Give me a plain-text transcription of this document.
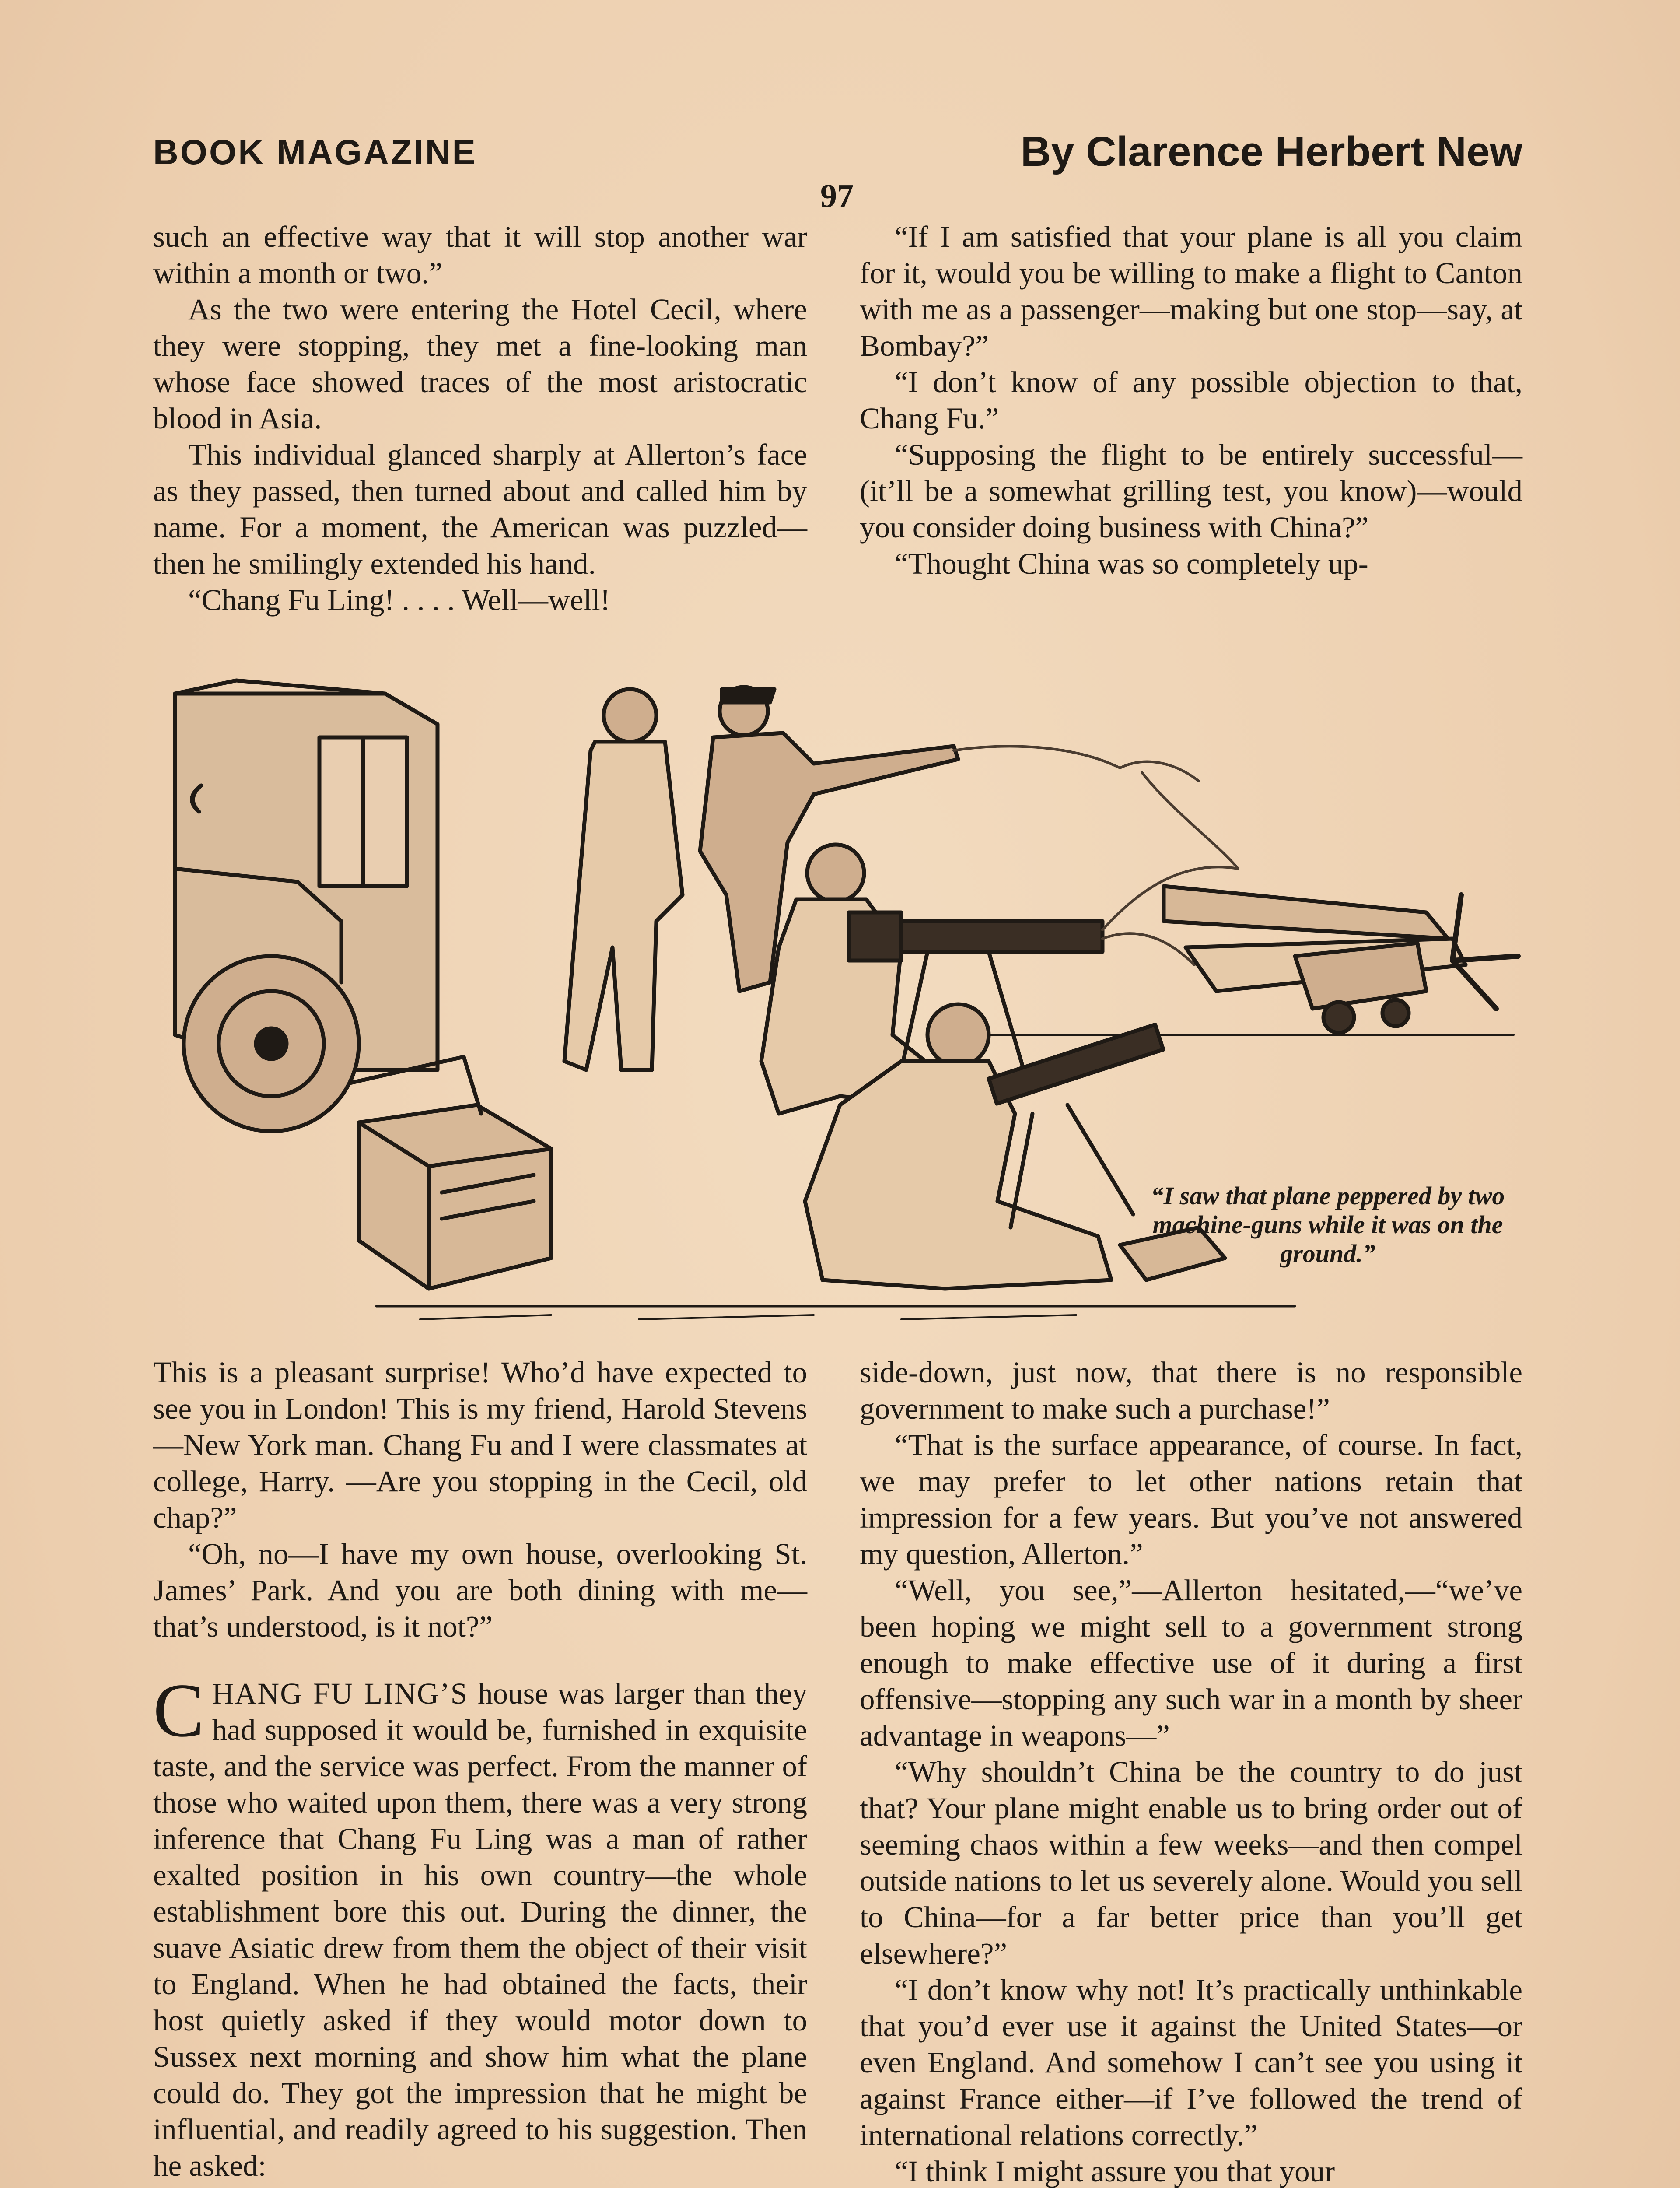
BOOK MAGAZINE	By Clarence Herbert New
97

such an effective way that it will stop another war within a month or two.”

As the two were entering the Hotel Cecil, where they were stopping, they met a fine-looking man whose face showed traces of the most aristocratic blood in Asia.

This individual glanced sharply at Allerton’s face as they passed, then turned about and called him by name. For a moment, the American was puzzled—then he smilingly extended his hand.

“Chang Fu Ling! . . . . Well—well!

“If I am satisfied that your plane is all you claim for it, would you be willing to make a flight to Canton with me as a passenger—making but one stop—say, at Bombay?”

“I don’t know of any possible objection to that, Chang Fu.”

“Supposing the flight to be entirely successful—(it’ll be a somewhat grilling test, you know)—would you consider doing business with China?”

“Thought China was so completely up-

“I saw that plane peppered by two machine-guns while it was on the ground.”

This is a pleasant surprise! Who’d have expected to see you in London! This is my friend, Harold Stevens—New York man. Chang Fu and I were classmates at college, Harry. —Are you stopping in the Cecil, old chap?”

“Oh, no—I have my own house, overlooking St. James’ Park. And you are both dining with me—that’s understood, is it not?”

CHANG FU LING’S house was larger than they had supposed it would be, furnished in exquisite taste, and the service was perfect. From the manner of those who waited upon them, there was a very strong inference that Chang Fu Ling was a man of rather exalted position in his own country—the whole establishment bore this out. During the dinner, the suave Asiatic drew from them the object of their visit to England. When he had obtained the facts, their host quietly asked if they would motor down to Sussex next morning and show him what the plane could do. They got the impression that he might be influential, and readily agreed to his suggestion. Then he asked:

side-down, just now, that there is no responsible government to make such a purchase!”

“That is the surface appearance, of course. In fact, we may prefer to let other nations retain that impression for a few years. But you’ve not answered my question, Allerton.”

“Well, you see,”—Allerton hesitated,—“we’ve been hoping we might sell to a government strong enough to make effective use of it during a first offensive—stopping any such war in a month by sheer advantage in weapons—”

“Why shouldn’t China be the country to do just that? Your plane might enable us to bring order out of seeming chaos within a few weeks—and then compel outside nations to let us severely alone. Would you sell to China—for a far better price than you’ll get elsewhere?”

“I don’t know why not! It’s practically unthinkable that you’d ever use it against the United States—or even England. And somehow I can’t see you using it against France either—if I’ve followed the trend of international relations correctly.”

“I think I might assure you that your
